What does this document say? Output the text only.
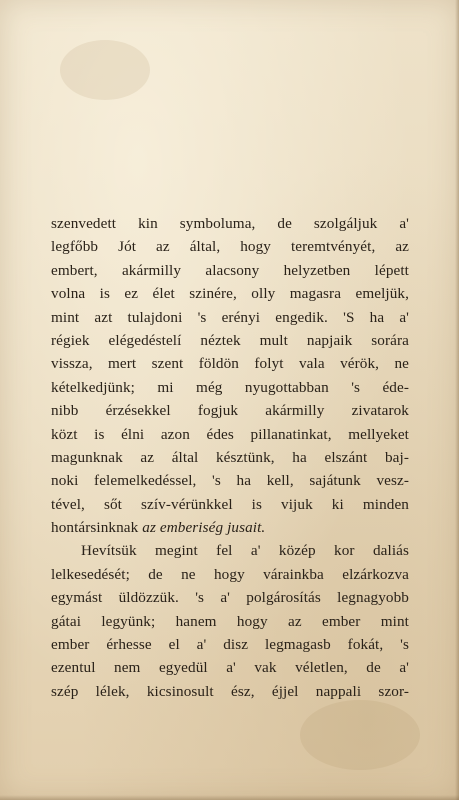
szenvedett kin symboluma, de szolgáljuk a'
legfőbb Jót az által, hogy teremtvényét, az
embert, akármilly alacsony helyzetben lépett
volna is ez élet szinére, olly magasra emeljük,
mint azt tulajdoni 's erényi engedik. 'S ha a'
régiek elégedéstelí néztek mult napjaik sorára
vissza, mert szent földön folyt vala vérök, ne
kételkedjünk; mi még nyugottabban 's éde-
nibb érzésekkel fogjuk akármilly zivatarok
közt is élni azon édes pillanatinkat, mellyeket
magunknak az által késztünk, ha elszánt baj-
noki felemelkedéssel, 's ha kell, sajátunk vesz-
tével, sőt szív-vérünkkel is vijuk ki minden
hontársinknak az emberiség jusait.
Hevítsük megint fel a' közép kor daliás
lelkesedését; de ne hogy várainkba elzárkozva
egymást üldözzük. 's a' polgárosítás legnagyobb
gátai legyünk; hanem hogy az ember mint
ember érhesse el a' disz legmagasb fokát, 's
ezentul nem egyedül a' vak véletlen, de a'
szép lélek, kicsinosult ész, éjjel nappali szor-
